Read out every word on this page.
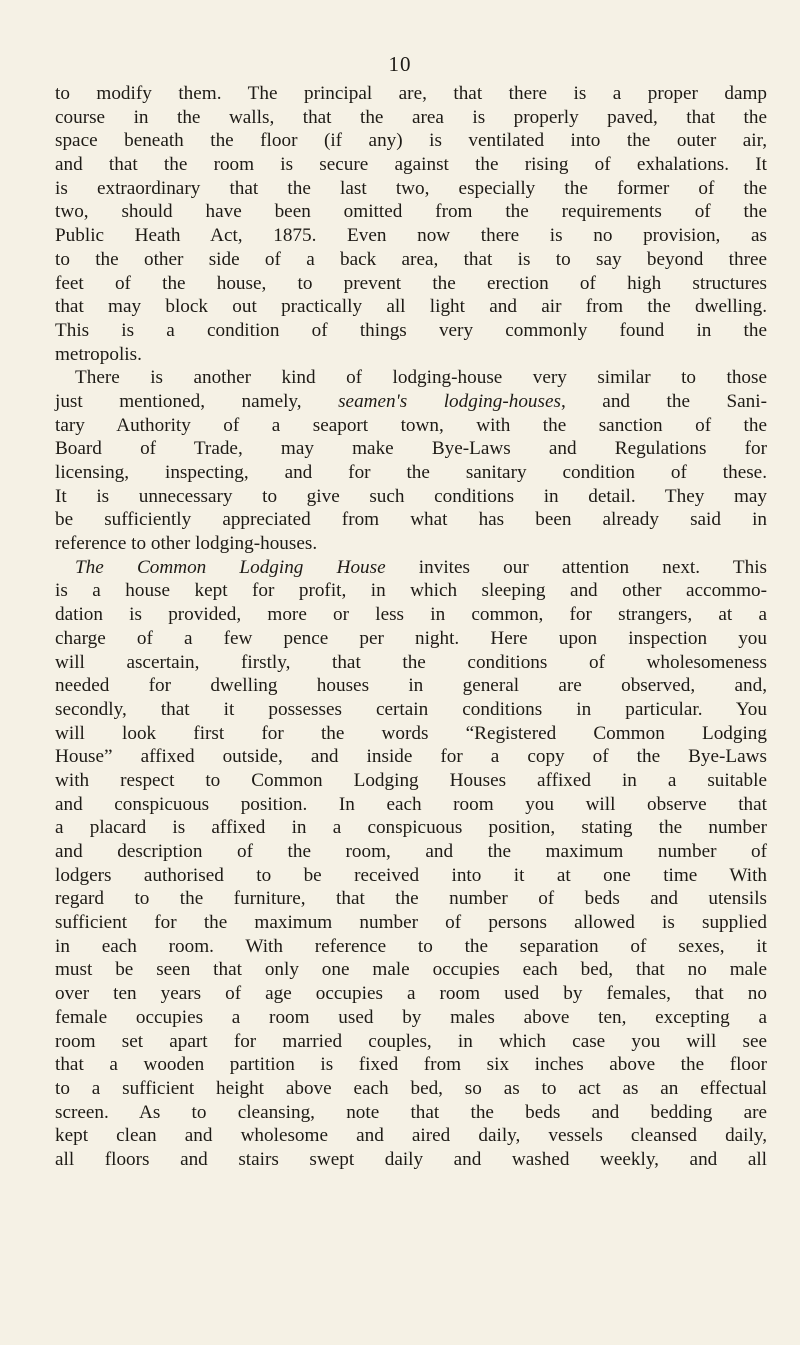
10
to modify them. The principal are, that there is a proper damp
course in the walls, that the area is properly paved, that the
space beneath the floor (if any) is ventilated into the outer air,
and that the room is secure against the rising of exhalations. It
is extraordinary that the last two, especially the former of the
two, should have been omitted from the requirements of the
Public Heath Act, 1875. Even now there is no provision, as
to the other side of a back area, that is to say beyond three
feet of the house, to prevent the erection of high structures
that may block out practically all light and air from the dwelling.
This is a condition of things very commonly found in the
metropolis.
There is another kind of lodging-house very similar to those
just mentioned, namely, seamen's lodging-houses, and the Sani-
tary Authority of a seaport town, with the sanction of the
Board of Trade, may make Bye-Laws and Regulations for
licensing, inspecting, and for the sanitary condition of these.
It is unnecessary to give such conditions in detail. They may
be sufficiently appreciated from what has been already said in
reference to other lodging-houses.
The Common Lodging House invites our attention next. This
is a house kept for profit, in which sleeping and other accommo-
dation is provided, more or less in common, for strangers, at a
charge of a few pence per night. Here upon inspection you
will ascertain, firstly, that the conditions of wholesomeness
needed for dwelling houses in general are observed, and,
secondly, that it possesses certain conditions in particular. You
will look first for the words “Registered Common Lodging
House” affixed outside, and inside for a copy of the Bye-Laws
with respect to Common Lodging Houses affixed in a suitable
and conspicuous position. In each room you will observe that
a placard is affixed in a conspicuous position, stating the number
and description of the room, and the maximum number of
lodgers authorised to be received into it at one time With
regard to the furniture, that the number of beds and utensils
sufficient for the maximum number of persons allowed is supplied
in each room. With reference to the separation of sexes, it
must be seen that only one male occupies each bed, that no male
over ten years of age occupies a room used by females, that no
female occupies a room used by males above ten, excepting a
room set apart for married couples, in which case you will see
that a wooden partition is fixed from six inches above the floor
to a sufficient height above each bed, so as to act as an effectual
screen. As to cleansing, note that the beds and bedding are
kept clean and wholesome and aired daily, vessels cleansed daily,
all floors and stairs swept daily and washed weekly, and all
